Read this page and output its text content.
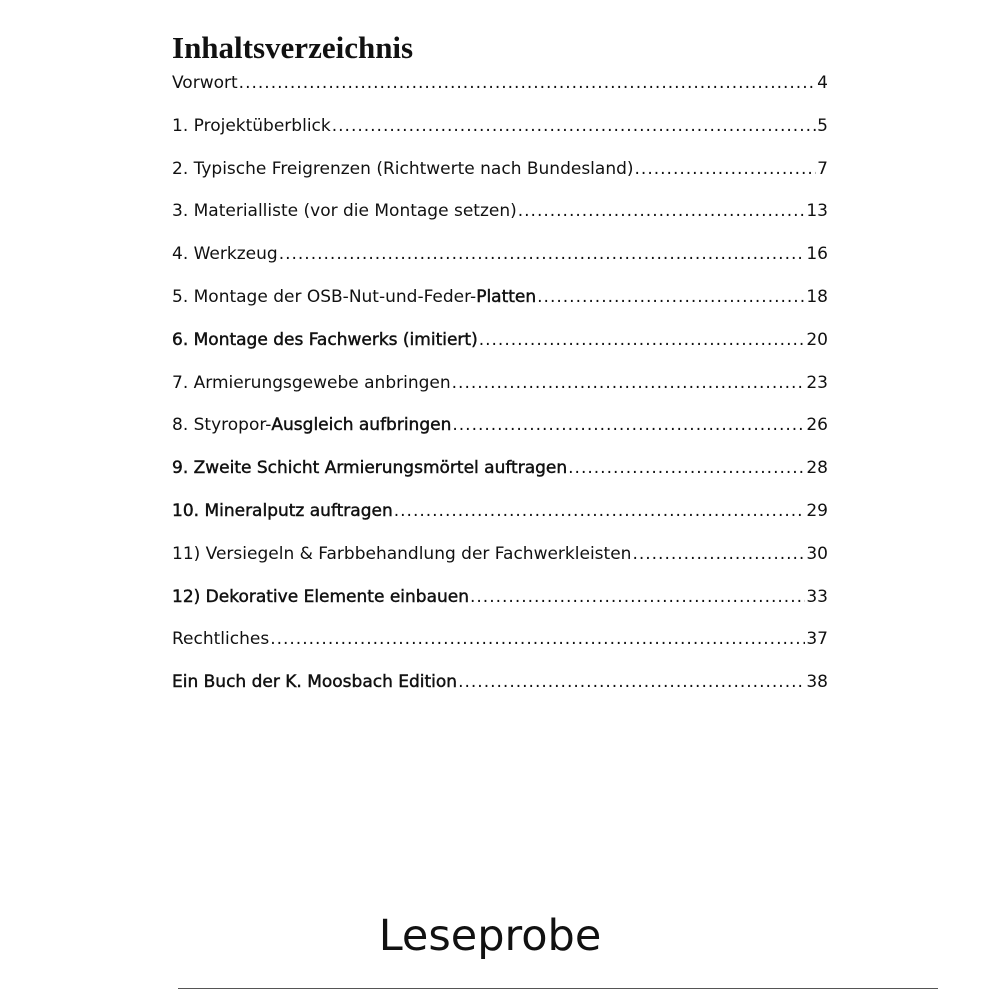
Inhaltsverzeichnis
Vorwort .....	4
1. Projektüberblick .....	5
2. Typische Freigrenzen (Richtwerte nach Bundesland) .....	7
3. Materialliste (vor die Montage setzen) .....	13
4. Werkzeug .....	16
5. Montage der OSB-Nut-und-Feder-Platten .....	18
6. Montage des Fachwerks (imitiert) .....	20
7. Armierungsgewebe anbringen .....	23
8. Styropor-Ausgleich aufbringen .....	26
9. Zweite Schicht Armierungsmörtel auftragen .....	28
10. Mineralputz auftragen .....	29
11) Versiegeln & Farbbehandlung der Fachwerkleisten .....	30
12) Dekorative Elemente einbauen .....	33
Rechtliches .....	37
Ein Buch der K. Moosbach Edition .....	38
Leseprobe
